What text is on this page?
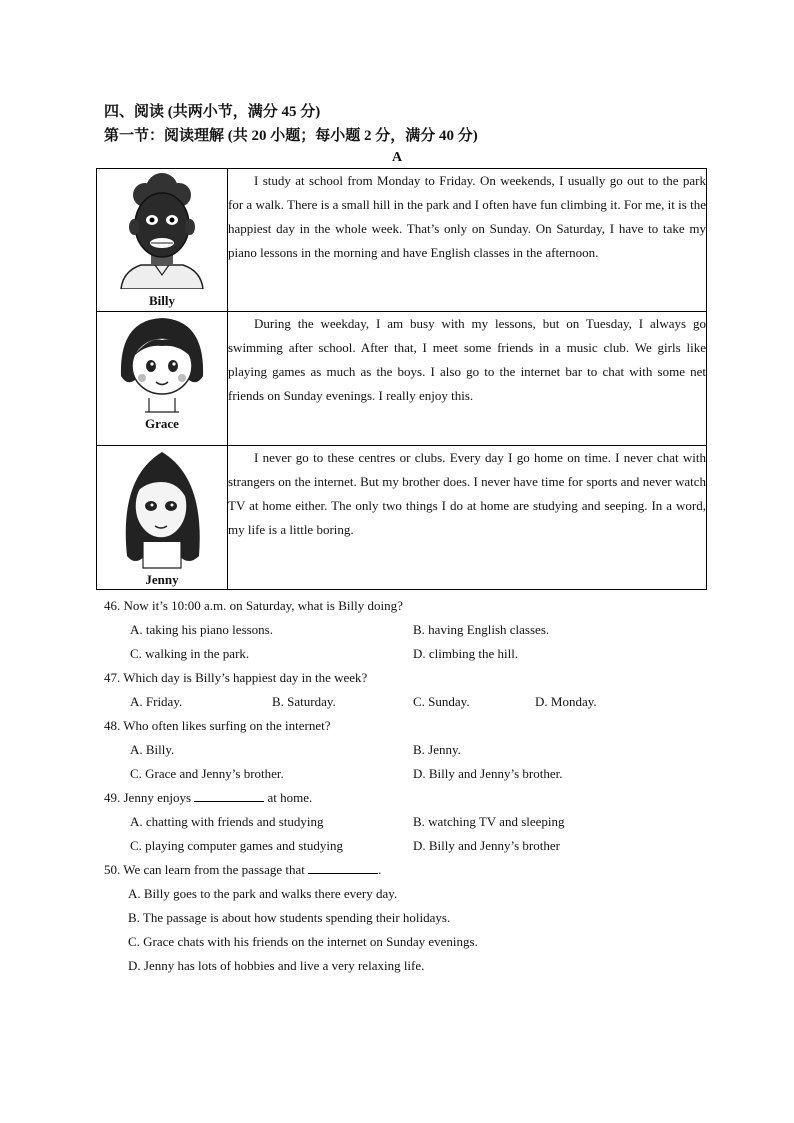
四、阅读 (共两小节，满分 45 分)
第一节：阅读理解 (共 20 小题；每小题 2 分，满分 40 分)
A
Billy	I study at school from Monday to Friday. On weekends, I usually go out to the park for a walk. There is a small hill in the park and I often have fun climbing it. For me, it is the happiest day in the whole week. That’s only on Sunday. On Saturday, I have to take my piano lessons in the morning and have English classes in the afternoon.

Grace	During the weekday, I am busy with my lessons, but on Tuesday, I always go swimming after school. After that, I meet some friends in a music club. We girls like playing games as much as the boys. I also go to the internet bar to chat with some net friends on Sunday evenings. I really enjoy this.

Jenny	I never go to these centres or clubs. Every day I go home on time. I never chat with strangers on the internet. But my brother does. I never have time for sports and never watch TV at home either. The only two things I do at home are studying and seeping. In a word, my life is a little boring.

46. Now it’s 10:00 a.m. on Saturday, what is Billy doing?
A. taking his piano lessons.	B. having English classes.
C. walking in the park.	D. climbing the hill.
47. Which day is Billy’s happiest day in the week?
A. Friday.	B. Saturday.	C. Sunday.	D. Monday.
48. Who often likes surfing on the internet?
A. Billy.	B. Jenny.
C. Grace and Jenny’s brother.	D. Billy and Jenny’s brother.
49. Jenny enjoys	at home.
A. chatting with friends and studying	B. watching TV and sleeping
C. playing computer games and studying	D. Billy and Jenny’s brother
50. We can learn from the passage that	.
A. Billy goes to the park and walks there every day.
B. The passage is about how students spending their holidays.
C. Grace chats with his friends on the internet on Sunday evenings.
D. Jenny has lots of hobbies and live a very relaxing life.
